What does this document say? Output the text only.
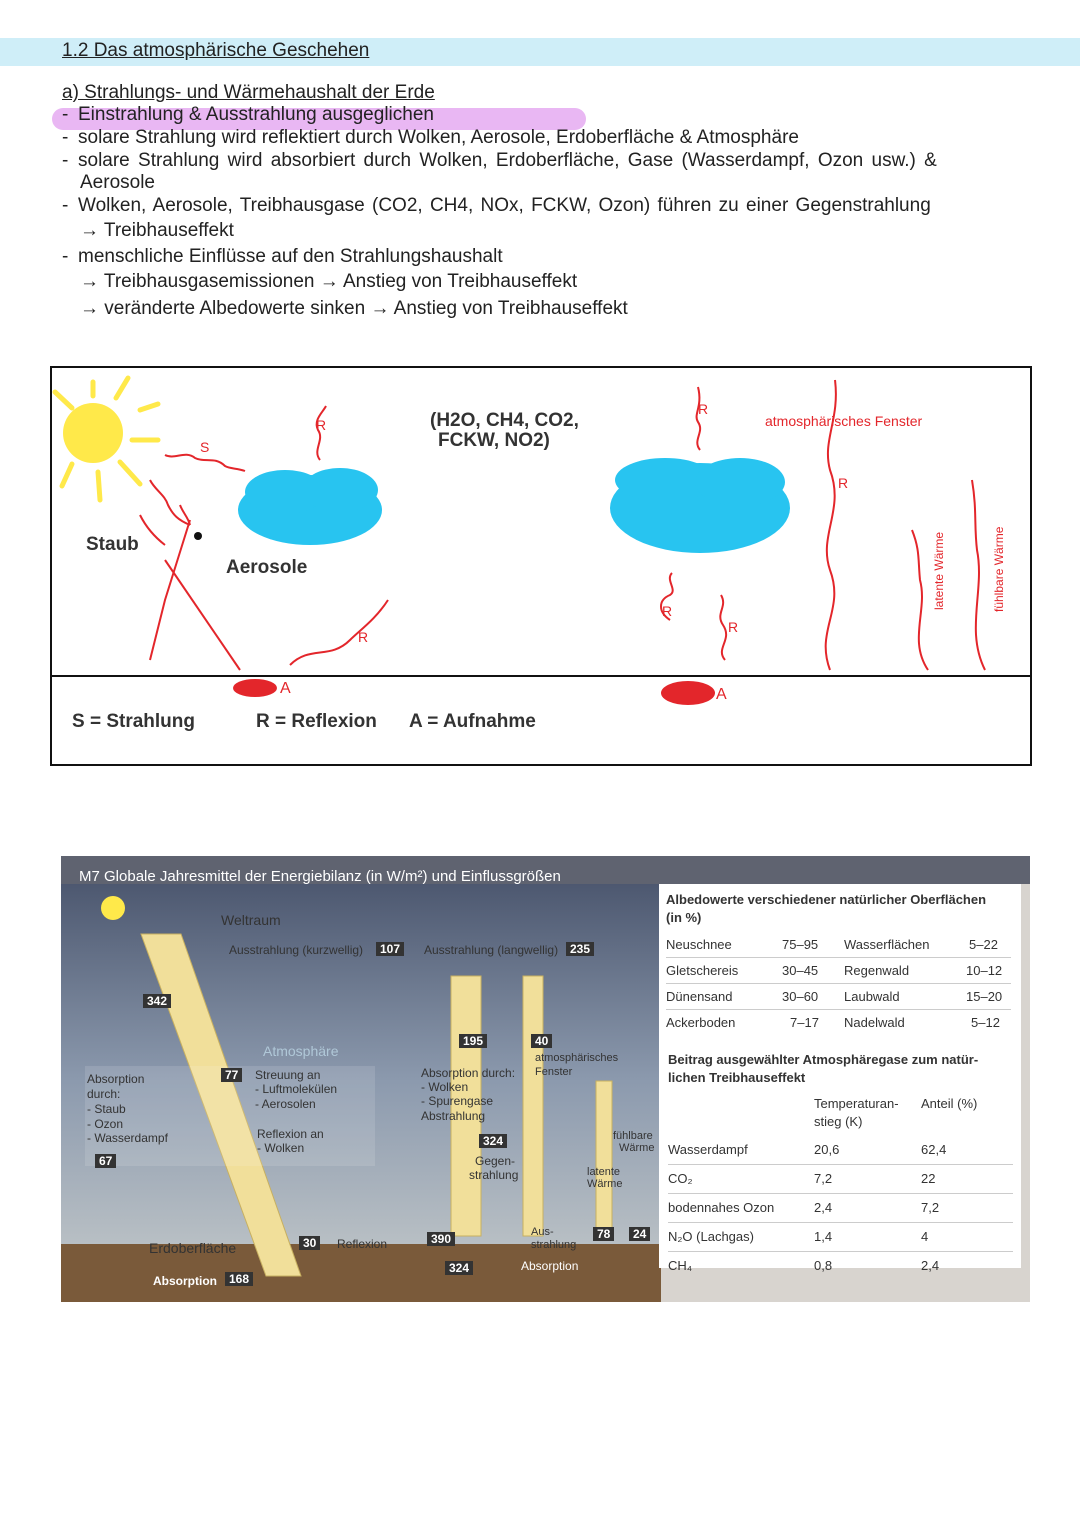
1.2 Das atmosphärische Geschehen
a) Strahlungs- und Wärmehaushalt der Erde
- Einstrahlung & Ausstrahlung ausgeglichen
- solare Strahlung wird reflektiert durch Wolken, Aerosole, Erdoberfläche & Atmosphäre
- solare Strahlung wird absorbiert durch Wolken, Erdoberfläche, Gase (Wasserdampf, Ozon usw.) &
Aerosole
- Wolken, Aerosole, Treibhausgase (CO2, CH4, NOx, FCKW, Ozon) führen zu einer Gegenstrahlung
→ Treibhauseffekt
- menschliche Einflüsse auf den Strahlungshaushalt
→ Treibhausgasemissionen → Anstieg von Treibhauseffekt
→ veränderte Albedowerte sinken → Anstieg von Treibhauseffekt
Staub
Aerosole
(H2O, CH4, CO2,
FCKW, NO2)
atmosphärisches Fenster
latente Wärme	fühlbare Wärme
S
R
R
R
R
R
R
A	A
S = Strahlung	R = Reflexion A = Aufnahme
M7 Globale Jahresmittel der Energiebilanz (in W/m²) und Einflussgrößen
Weltraum
Ausstrahlung (kurzwellig)	107	Ausstrahlung (langwellig) 235
342
Atmosphäre
77	Streuung an
- Luftmolekülen
- Aerosolen
Reflexion an
- Wolken
Absorption
durch:
- Staub
- Ozon
- Wasserdampf
67
195	40
atmosphärisches
Fenster
Absorption durch:
- Wolken
- Spurengase
Abstrahlung
324
Gegen-
strahlung
fühlbare
Wärme
latente
Wärme
Erdoberfläche	30	Reflexion
Absorption	168
390
324
Aus-
strahlung
Absorption
78	24
Albedowerte verschiedener natürlicher Oberflächen
(in %)
Neuschnee	75–95 Wasserflächen	5–22
Gletschereis	30–45 Regenwald	10–12
Dünensand	30–60 Laubwald	15–20
Ackerboden	7–17 Nadelwald	5–12
Beitrag ausgewählter Atmosphäregase zum natür-
lichen Treibhauseffekt
Temperaturan-
stieg (K)
Anteil (%)
Wasserdampf	20,6	62,4
CO₂	7,2	22
bodennahes Ozon	2,4	7,2
N₂O (Lachgas)	1,4	4
CH₄	0,8	2,4
